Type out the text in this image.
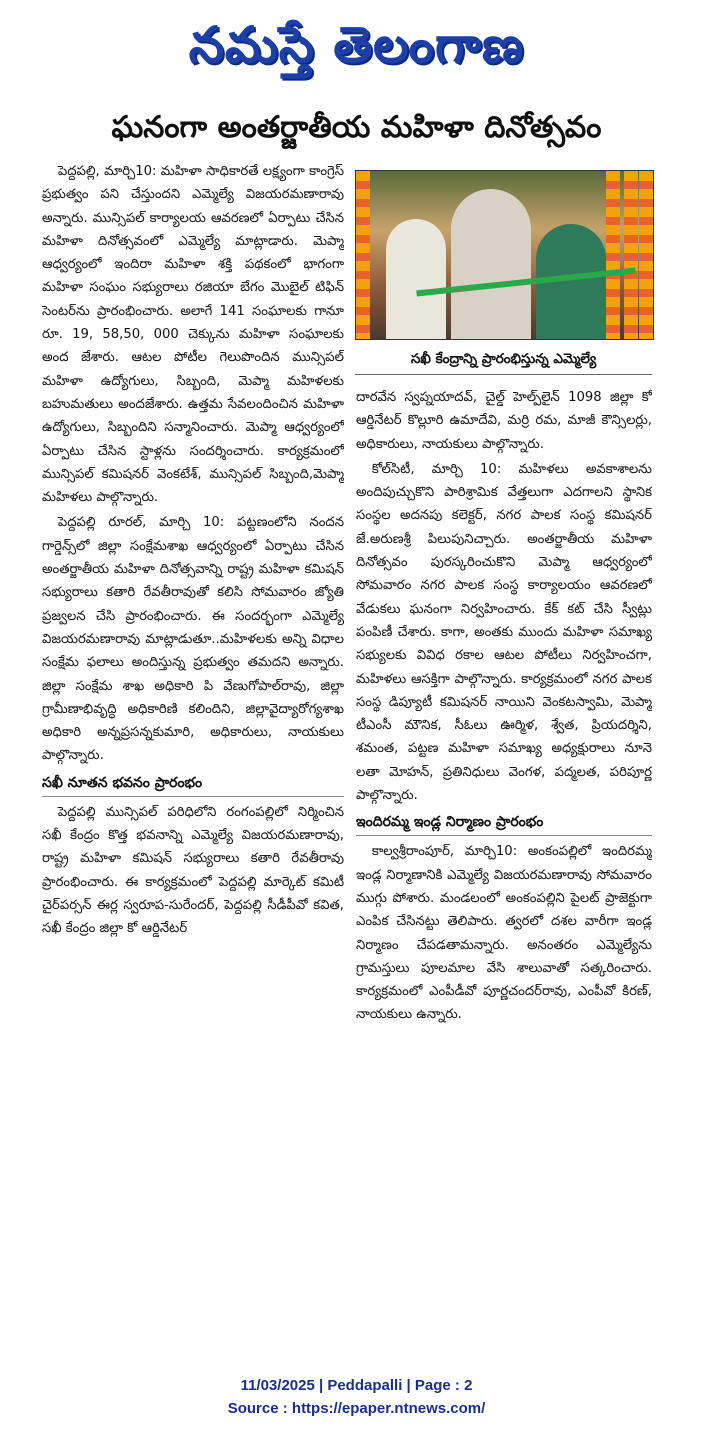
నమస్తే తెలంగాణ
ఘనంగా అంతర్జాతీయ మహిళా దినోత్సవం

పెద్దపల్లి, మార్చి10: మహిళా సాధికారతే లక్ష్యంగా కాంగ్రెస్ ప్రభుత్వం పని చేస్తుందని ఎమ్మెల్యే విజయరమణారావు అన్నారు. మున్సిపల్ కార్యాలయ ఆవరణలో ఏర్పాటు చేసిన మహిళా దినోత్సవంలో ఎమ్మెల్యే మాట్లాడారు. మెప్మా ఆధ్వర్యంలో ఇందిరా మహిళా శక్తి పథకంలో భాగంగా మహిళా సంఘం సభ్యురాలు రజియా బేగం మొబైల్ టిఫిన్ సెంటర్‌ను ప్రారంభించారు. అలాగే 141 సంఘాలకు గానూ రూ. 19, 58,50, 000 చెక్కును మహిళా సంఘాలకు అంద జేశారు. ఆటల పోటీల గెలుపొందిన మున్సిపల్ మహిళా ఉద్యోగులు, సిబ్బంది, మెప్మా మహిళలకు బహుమతులు అందజేశారు. ఉత్తమ సేవలందించిన మహిళా ఉద్యోగులు, సిబ్బందిని సన్మానించారు. మెప్మా ఆధ్వర్యంలో ఏర్పాటు చేసిన స్టాళ్లను సందర్శించారు. కార్యక్రమంలో మున్సిపల్ కమిషనర్ వెంకటేశ్, మున్సిపల్ సిబ్బంది,మెప్మా మహిళలు పాల్గొన్నారు.

పెద్దపల్లి రూరల్, మార్చి 10: పట్టణంలోని నందన గార్డెన్స్‌లో జిల్లా సంక్షేమశాఖ ఆధ్వర్యంలో ఏర్పాటు చేసిన అంతర్జాతీయ మహిళా దినోత్సవాన్ని రాష్ట్ర మహిళా కమిషన్ సభ్యురాలు కతారి రేవతీరావుతో కలిసి సోమవారం జ్యోతి ప్రజ్వలన చేసి ప్రారంభించారు. ఈ సందర్భంగా ఎమ్మెల్యే విజయరమణారావు మాట్లాడుతూ..మహిళలకు అన్ని విధాల సంక్షేమ ఫలాలు అందిస్తున్న ప్రభుత్వం తమదని అన్నారు. జిల్లా సంక్షేమ శాఖ అధికారి పి వేణుగోపాల్‌రావు, జిల్లా గ్రామీణాభివృద్ధి అధికారిణి కలిందిని, జిల్లావైద్యారోగ్యశాఖ అధికారి అన్నప్రసన్నకుమారి, అధికారులు, నాయకులు పాల్గొన్నారు.

సఖీ నూతన భవనం ప్రారంభం

పెద్దపల్లి మున్సిపల్ పరిధిలోని రంగంపల్లిలో నిర్మించిన సఖీ కేంద్రం కొత్త భవనాన్ని ఎమ్మెల్యే విజయరమణారావు, రాష్ట్ర మహిళా కమిషన్ సభ్యురాలు కతారి రేవతీరావు ప్రారంభించారు. ఈ కార్యక్రమంలో పెద్దపల్లి మార్కెట్ కమిటీ చైర్‌పర్సన్ ఈర్ల స్వరూప-సురేందర్, పెద్దపల్లి సీడీపీవో కవిత, సఖీ కేంద్రం జిల్లా కో ఆర్డినేటర్

సఖీ కేంద్రాన్ని ప్రారంభిస్తున్న ఎమ్మెల్యే

దారవేన స్వప్నయాదవ్, చైల్డ్ హెల్ప్‌లైన్ 1098 జిల్లా కో ఆర్డినేటర్ కొల్లూరి ఉమాదేవి, మర్రి రమ, మాజీ కౌన్సిలర్లు, అధికారులు, నాయకులు పాల్గొన్నారు.

కోల్‌సిటీ, మార్చి 10: మహిళలు అవకాశాలను అందిపుచ్చుకొని పారిశ్రామిక వేత్తలుగా ఎదగాలని స్థానిక సంస్థల అదనపు కలెక్టర్, నగర పాలక సంస్థ కమిషనర్ జే.అరుణశ్రీ పిలుపునిచ్చారు. అంతర్జాతీయ మహిళా దినోత్సవం పురస్కరించుకొని మెప్మా ఆధ్వర్యంలో సోమవారం నగర పాలక సంస్థ కార్యాలయం ఆవరణలో వేడుకలు ఘనంగా నిర్వహించారు. కేక్ కట్ చేసి స్వీట్లు పంపిణీ చేశారు. కాగా, అంతకు ముందు మహిళా సమాఖ్య సభ్యులకు వివిధ రకాల ఆటల పోటీలు నిర్వహించగా, మహిళలు ఆసక్తిగా పాల్గొన్నారు. కార్యక్రమంలో నగర పాలక సంస్థ డిప్యూటీ కమిషనర్ నాయిని వెంకటస్వామి, మెప్మా టీఎంసీ మౌనిక, సీఓలు ఊర్మిళ, శ్వేత, ప్రియదర్శిని, శమంత, పట్టణ మహిళా సమాఖ్య అధ్యక్షురాలు నూనె లతా మోహన్, ప్రతినిధులు వెంగళ, పద్మలత, పరిపూర్ణ పాల్గొన్నారు.

ఇందిరమ్మ ఇండ్ల నిర్మాణం ప్రారంభం

కాల్వశ్రీరాంపూర్, మార్చి10: అంకంపల్లిలో ఇందిరమ్మ ఇండ్ల నిర్మాణానికి ఎమ్మెల్యే విజయరమణారావు సోమవారం ముగ్గు పోశారు. మండలంలో అంకంపల్లిని పైలట్ ప్రాజెక్టుగా ఎంపిక చేసినట్టు తెలిపారు. త్వరలో దశల వారీగా ఇండ్ల నిర్మాణం చేపడతామన్నారు. అనంతరం ఎమ్మెల్యేను గ్రామస్తులు పూలమాల వేసి శాలువాతో సత్కరించారు. కార్యక్రమంలో ఎంపీడీవో పూర్ణచందర్‌రావు, ఎంపీవో కిరణ్, నాయకులు ఉన్నారు.

11/03/2025 | Peddapalli | Page : 2
Source : https://epaper.ntnews.com/
